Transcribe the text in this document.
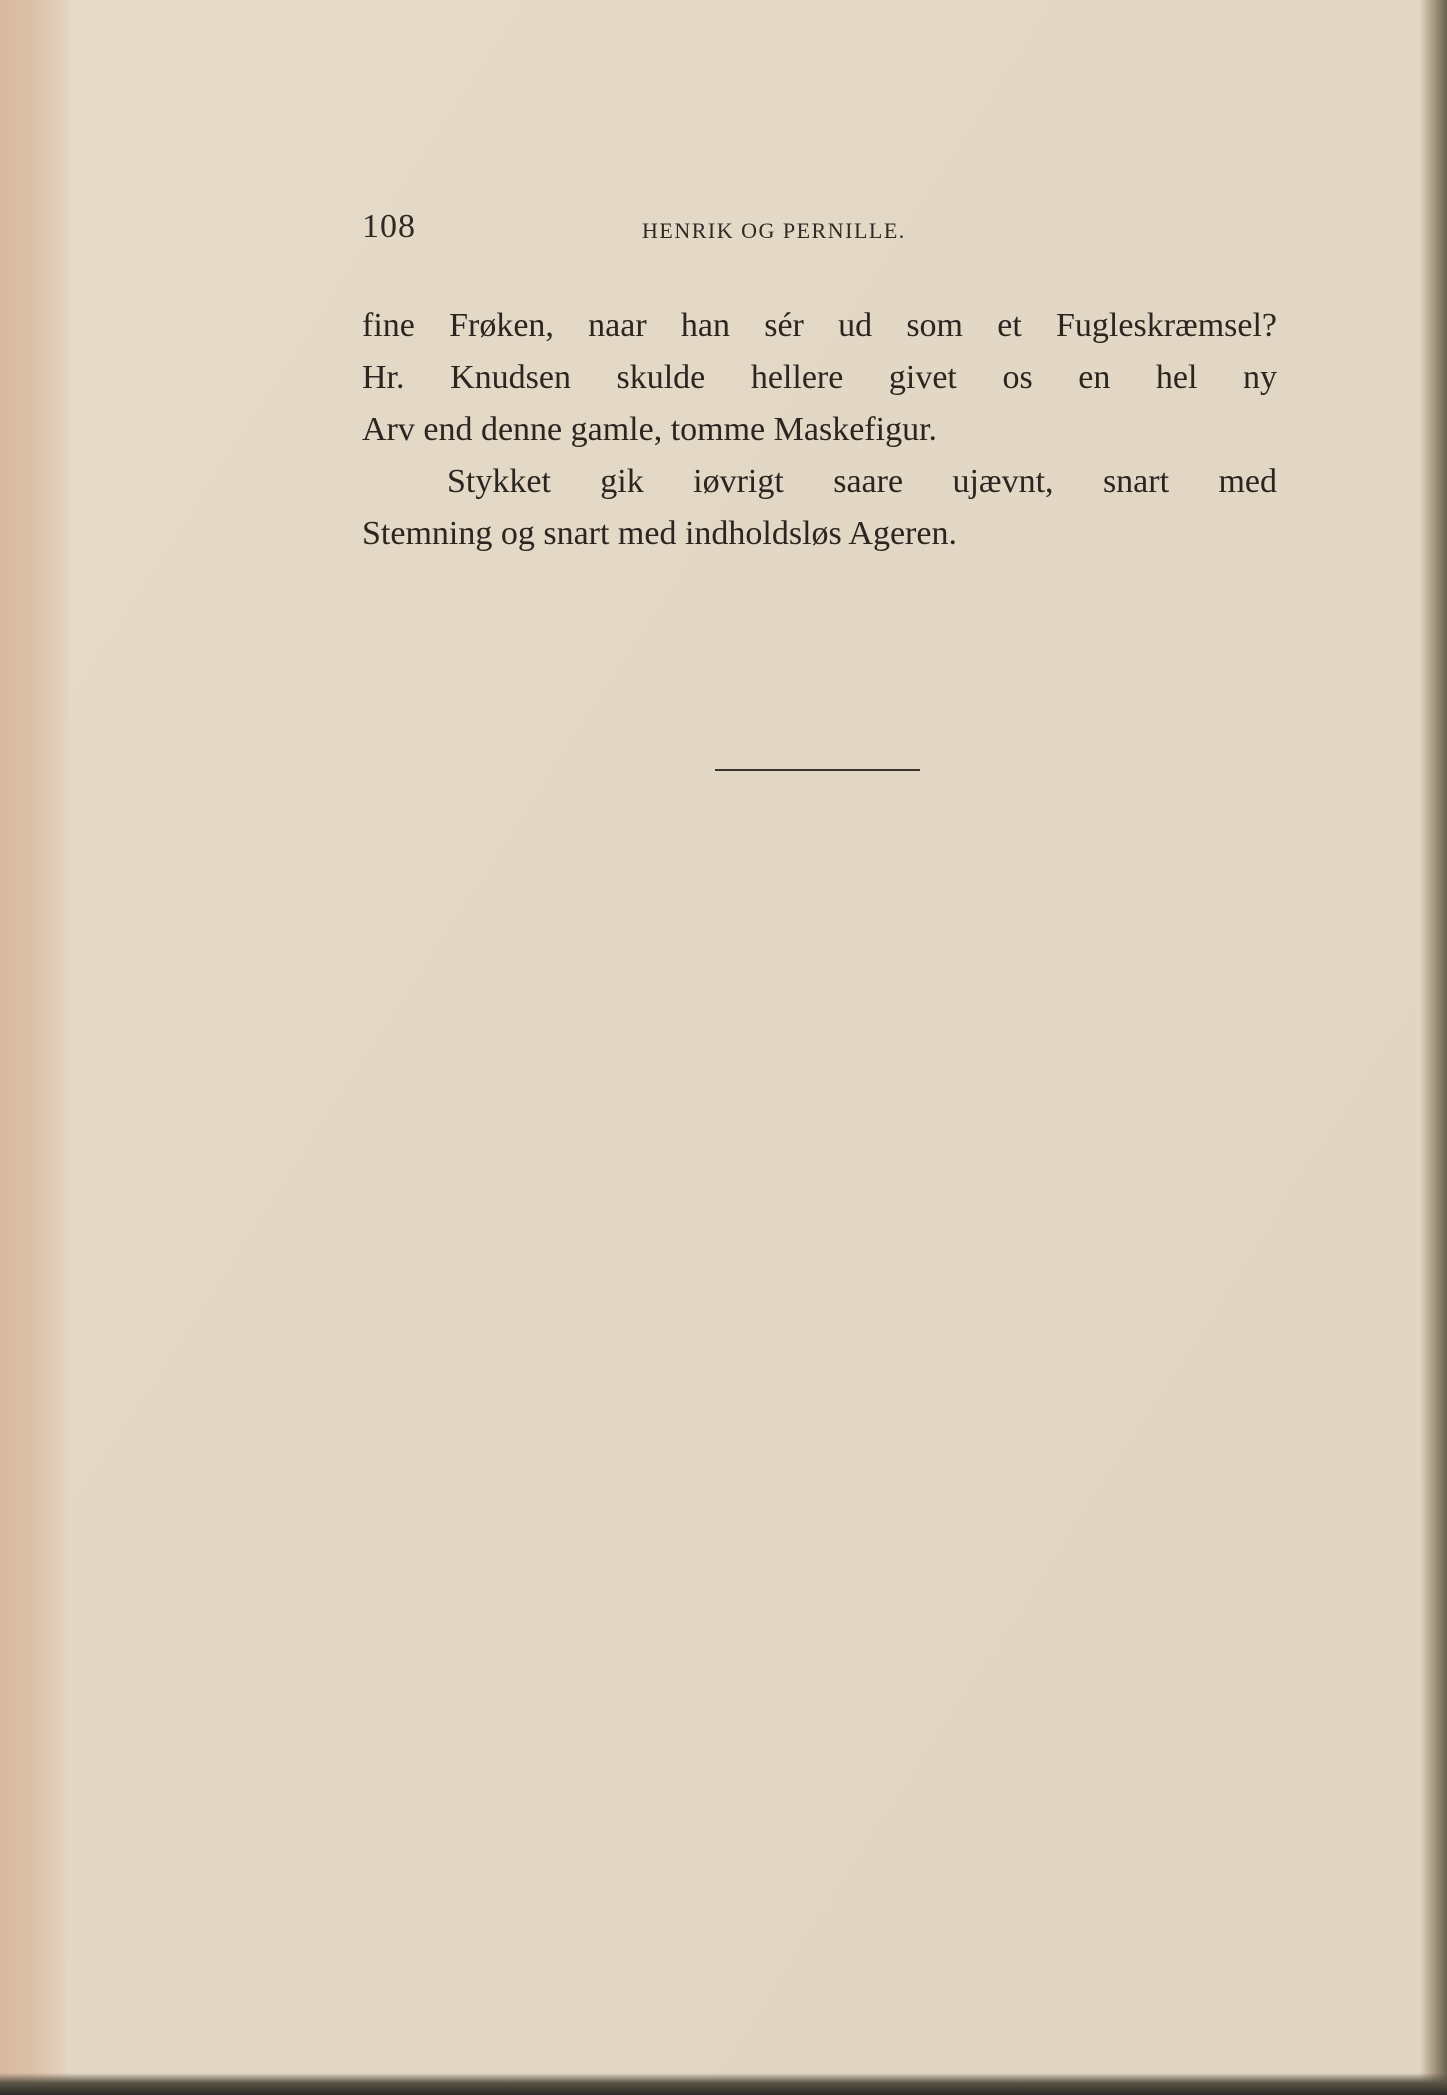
108	HENRIK OG PERNILLE.
fine Frøken, naar han sér ud som et Fugleskræmsel?
Hr. Knudsen skulde hellere givet os en hel ny
Arv end denne gamle, tomme Maskefigur.
Stykket gik iøvrigt saare ujævnt, snart med
Stemning og snart med indholdsløs Ageren.
